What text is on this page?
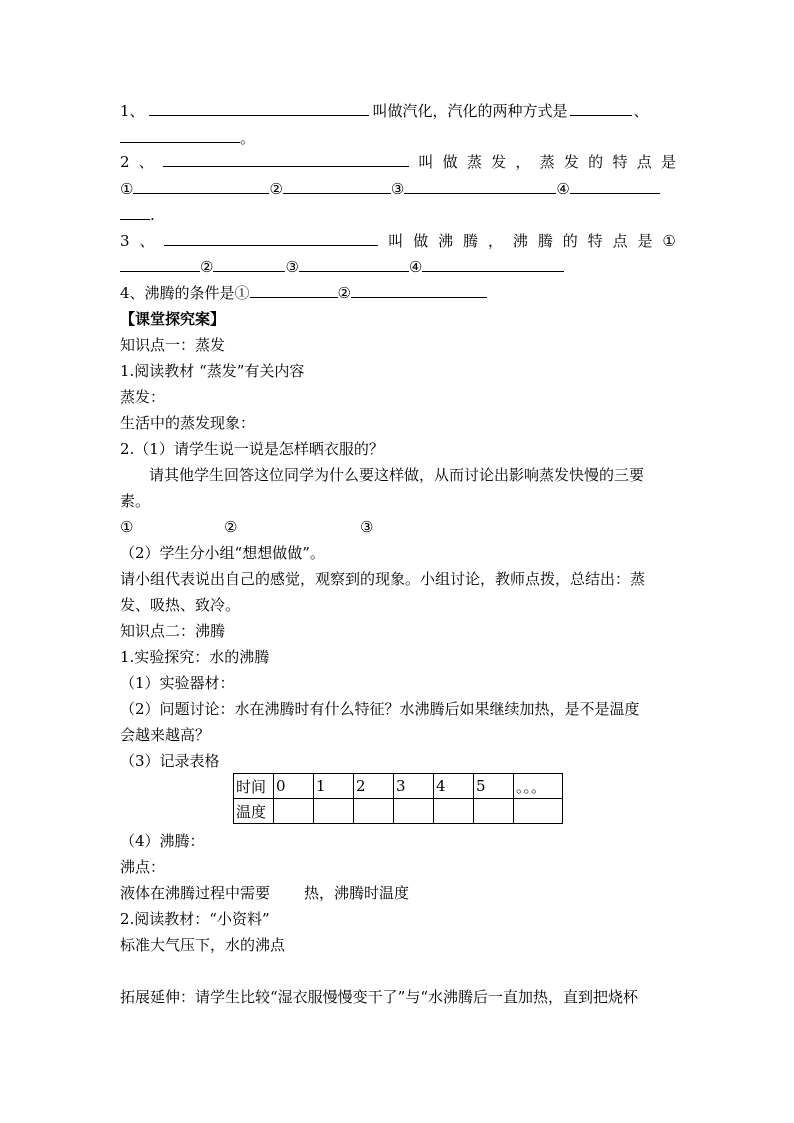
1、	叫做汽化，汽化的两种方式是	、
。
2 、	叫 做 蒸 发 ， 蒸 发 的 特 点 是
①	②	③	④
.
3 、	叫 做 沸 腾 ， 沸 腾 的 特 点 是 ①
②	③	④
4、沸腾的条件是①	②
【课堂探究案】
知识点一：蒸发
1.阅读教材 “蒸发”有关内容
蒸发：
生活中的蒸发现象：
2.（1）请学生说一说是怎样晒衣服的？
请其他学生回答这位同学为什么要这样做，从而讨论出影响蒸发快慢的三要
素。
①	②	③
（2）学生分小组“想想做做”。
请小组代表说出自己的感觉，观察到的现象。小组讨论，教师点拨，总结出：蒸
发、吸热、致冷。
知识点二：沸腾
1.实验探究：水的沸腾
（1）实验器材：
（2）问题讨论：水在沸腾时有什么特征？水沸腾后如果继续加热，是不是温度
会越来越高？
（3）记录表格
时间	0	1	2	3	4	5	。。。
温度							
（4）沸腾：
沸点：
液体在沸腾过程中需要 热，沸腾时温度
2.阅读教材：“小资料”
标准大气压下，水的沸点
拓展延伸：请学生比较“湿衣服慢慢变干了”与“水沸腾后一直加热，直到把烧杯
